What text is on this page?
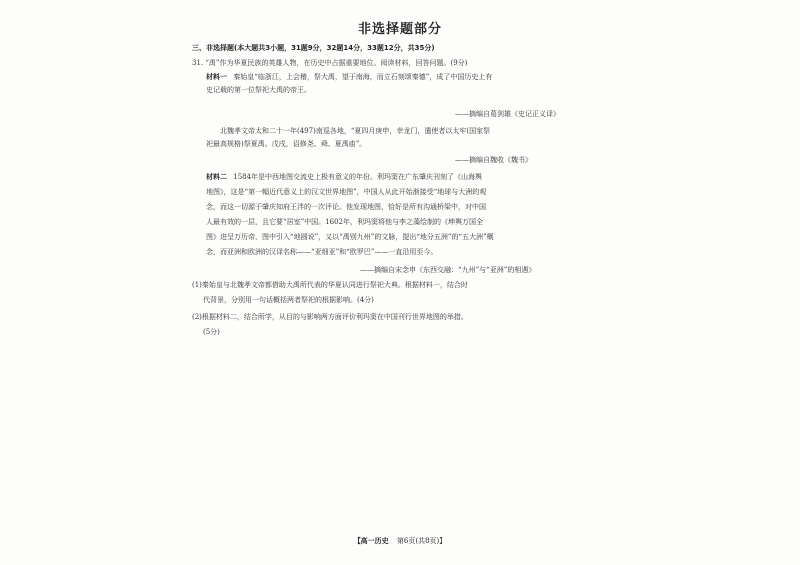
非选择题部分
三、非选择题(本大题共3小题，31题9分，32题14分，33题12分，共35分)
31. “禹”作为华夏民族的英雄人物，在历史中占据重要地位。阅读材料，回答问题。(9分)
材料一 秦始皇“临浙江，上会稽，祭大禹，望于南海，而立石刻颂秦德”，成了中国历史上有
史记载的第一位祭祀大禹的帝王。
——摘编自葛剑雄《史记正义译》
北魏孝文帝太和二十一年(497)南巡各地，“夏四月庚申，幸龙门，遣使者以太牢(国家祭
祀最高规格)祭夏禹。戊戌，诏修尧、舜、夏禹庙”。
——摘编自魏收《魏书》
材料二 1584年是中西地图交流史上极有意义的年份。利玛窦在广东肇庆刊刻了《山海舆
地图》，这是“第一幅近代意义上的汉文世界地图”，中国人从此开始渐接受“地球与大洲的观
念，而这一切源于肇庆知府王泮的一次评论。他发现地图，恰好是所有沟通桥梁中，对中国
人最有效的一层，且它要“居室”中国。1602年，利玛窦将他与李之藻绘制的《坤舆万国全
图》进呈万历帝，图中引入“地圆说”，又以“禹别九州”的文脉，提出“地分五洲”的“五大洲”概
念，而亚洲和欧洲的汉译名称——“亚细亚”和“欧罗巴”——一直沿用至今。
——摘编自宋念申《东西交融：“九州”与“亚洲”的相遇》
(1)秦始皇与北魏孝文帝都借助大禹所代表的华夏认同进行祭祀大典。根据材料一，结合时
代背景，分别用一句话概括两者祭祀的根据影响。(4分)
(2)根据材料二，结合所学，从目的与影响两方面评价利玛窦在中国刊行世界地图的举措。
(5分)
【高一历史 第6页(共8页)】
